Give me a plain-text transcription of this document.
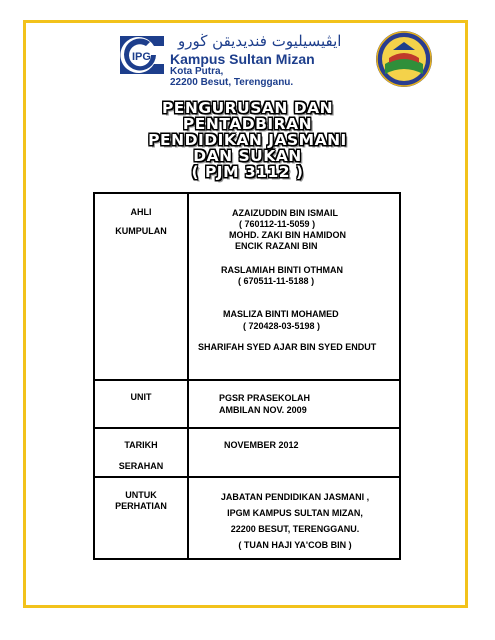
IPG
ايڤيسيليوت فنديديقن ڬورو
Kampus Sultan Mizan
Kota Putra,
22200 Besut, Terengganu.
PENGURUSAN DAN
PENTADBIRAN
PENDIDIKAN JASMANI
DAN SUKAN
( PJM 3112 )
AHLI
KUMPULAN
AZAIZUDDIN BIN ISMAIL
( 760112-11-5059 )
MOHD. ZAKI BIN HAMIDON
ENCIK RAZANI BIN
RASLAMIAH BINTI OTHMAN
( 670511-11-5188 )
MASLIZA BINTI MOHAMED
( 720428-03-5198 )
SHARIFAH SYED AJAR BIN SYED ENDUT
UNIT	PGSR PRASEKOLAH
AMBILAN NOV. 2009
TARIKH
SERAHAN
NOVEMBER 2012
UNTUK
PERHATIAN
JABATAN PENDIDIKAN JASMANI ,
IPGM KAMPUS SULTAN MIZAN,
22200 BESUT, TERENGGANU.
( TUAN HAJI YA'COB BIN )
